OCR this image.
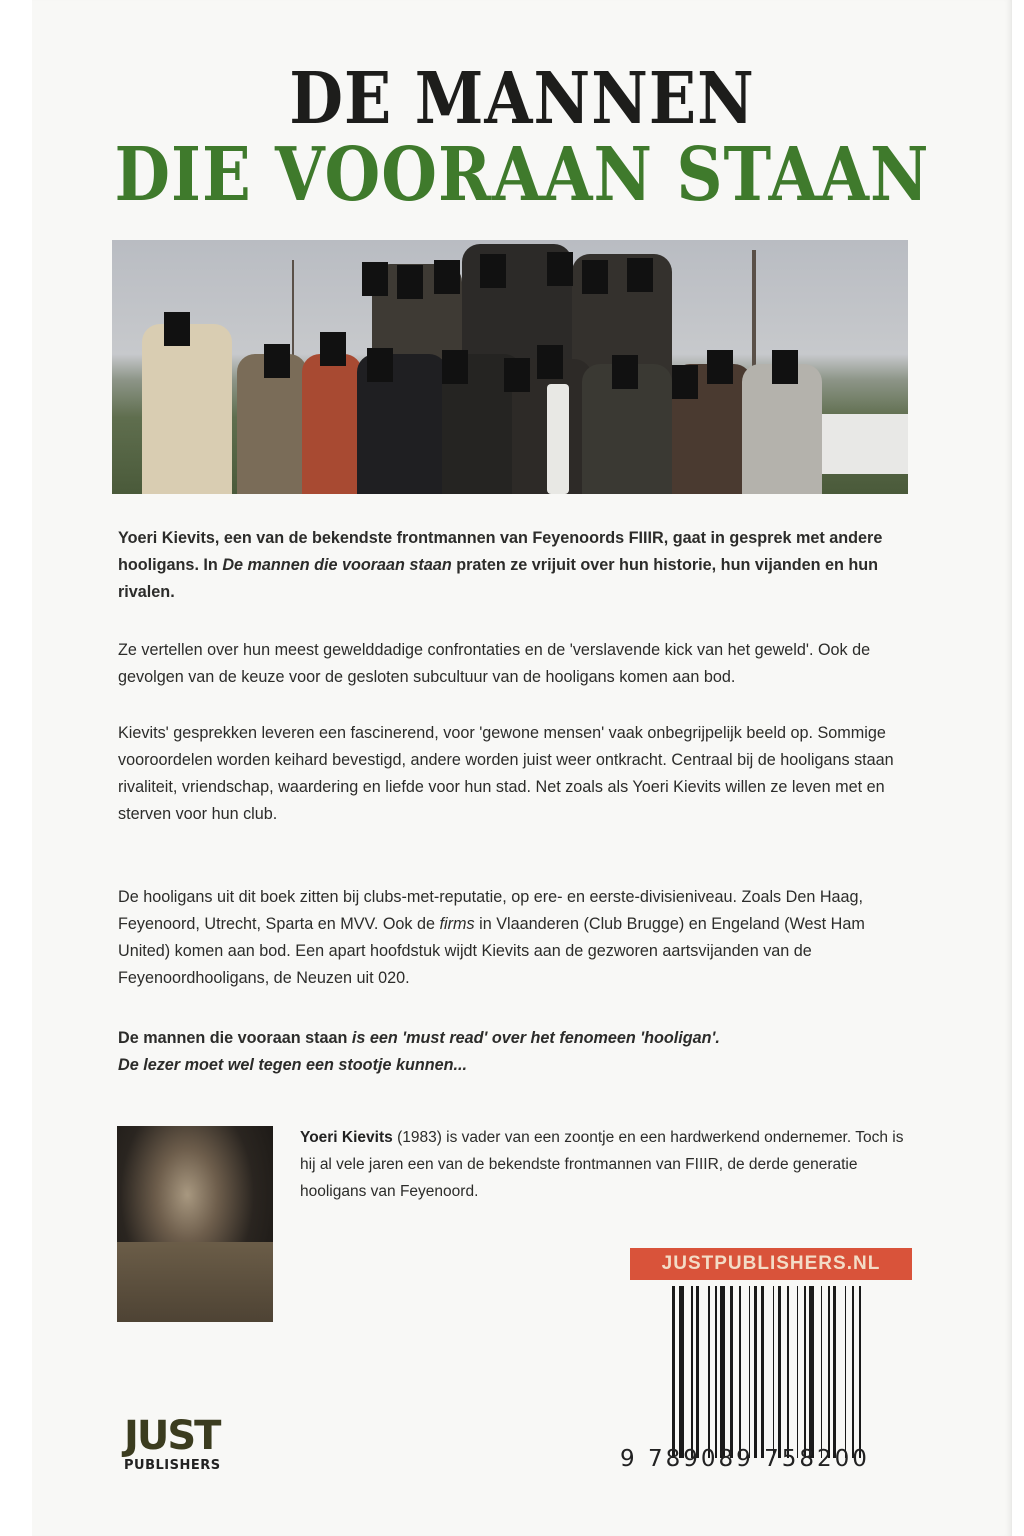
DE MANNEN
DIE VOORAAN STAAN
Yoeri Kievits, een van de bekendste frontmannen van Feyenoords FIIIR, gaat in gesprek met andere hooligans. In De mannen die vooraan staan praten ze vrijuit over hun historie, hun vijanden en hun rivalen.
Ze vertellen over hun meest gewelddadige confrontaties en de 'verslavende kick van het geweld'. Ook de gevolgen van de keuze voor de gesloten subcultuur van de hooligans komen aan bod.
Kievits' gesprekken leveren een fascinerend, voor 'gewone mensen' vaak onbegrijpelijk beeld op. Sommige vooroordelen worden keihard bevestigd, andere worden juist weer ontkracht. Centraal bij de hooligans staan rivaliteit, vriendschap, waardering en liefde voor hun stad. Net zoals als Yoeri Kievits willen ze leven met en sterven voor hun club.
De hooligans uit dit boek zitten bij clubs-met-reputatie, op ere- en eerste-divisieniveau. Zoals Den Haag, Feyenoord, Utrecht, Sparta en MVV. Ook de firms in Vlaanderen (Club Brugge) en Engeland (West Ham United) komen aan bod. Een apart hoofdstuk wijdt Kievits aan de gezworen aartsvijanden van de Feyenoordhooligans, de Neuzen uit 020.
De mannen die vooraan staan is een 'must read' over het fenomeen 'hooligan'.
De lezer moet wel tegen een stootje kunnen...
Yoeri Kievits (1983) is vader van een zoontje en een hardwerkend ondernemer. Toch is hij al vele jaren een van de bekendste frontmannen van FIIIR, de derde generatie hooligans van Feyenoord.
JUSTPUBLISHERS.NL
9 789089 758200
JUST
PUBLISHERS
